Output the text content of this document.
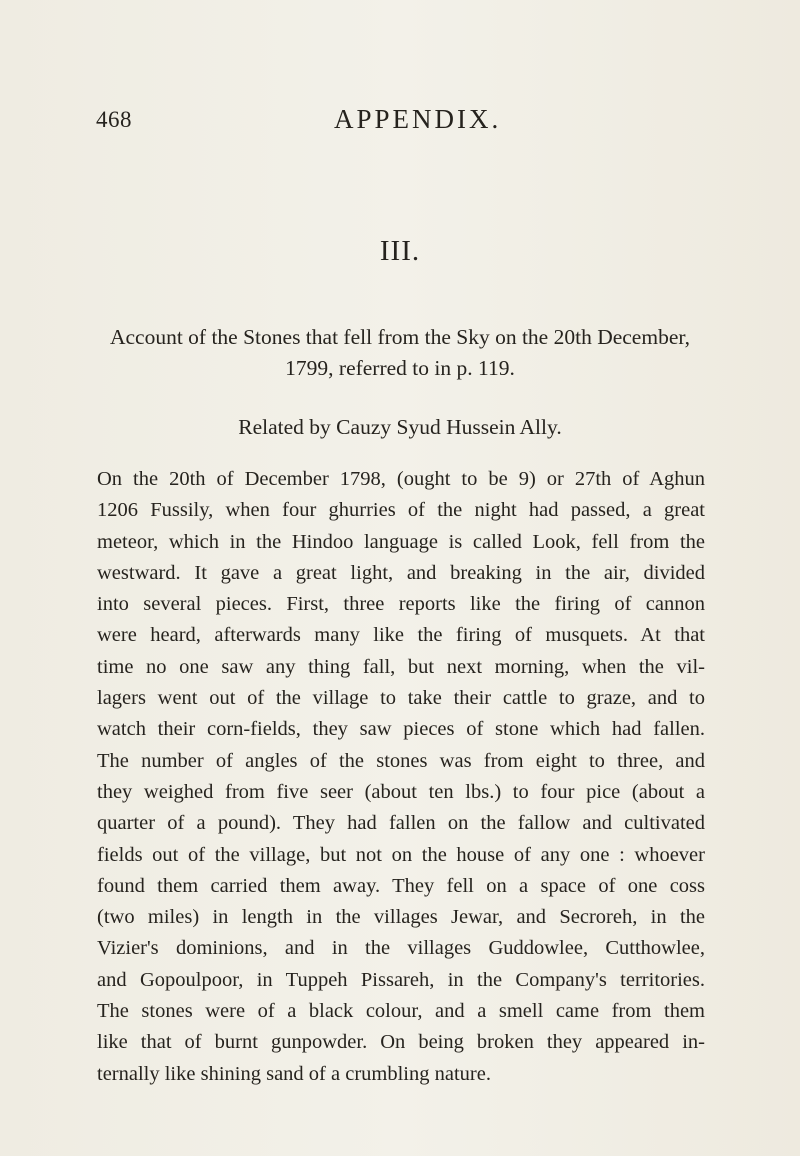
468	APPENDIX.
III.
Account of the Stones that fell from the Sky on the 20th December,
1799, referred to in p. 119.
Related by Cauzy Syud Hussein Ally.
On the 20th of December 1798, (ought to be 9) or 27th of Aghun
1206 Fussily, when four ghurries of the night had passed, a great
meteor, which in the Hindoo language is called Look, fell from the
westward. It gave a great light, and breaking in the air, divided
into several pieces. First, three reports like the firing of cannon
were heard, afterwards many like the firing of musquets. At that
time no one saw any thing fall, but next morning, when the vil-
lagers went out of the village to take their cattle to graze, and to
watch their corn-fields, they saw pieces of stone which had fallen.
The number of angles of the stones was from eight to three, and
they weighed from five seer (about ten lbs.) to four pice (about a
quarter of a pound). They had fallen on the fallow and cultivated
fields out of the village, but not on the house of any one : whoever
found them carried them away. They fell on a space of one coss
(two miles) in length in the villages Jewar, and Secroreh, in the
Vizier's dominions, and in the villages Guddowlee, Cutthowlee,
and Gopoulpoor, in Tuppeh Pissareh, in the Company's territories.
The stones were of a black colour, and a smell came from them
like that of burnt gunpowder. On being broken they appeared in-
ternally like shining sand of a crumbling nature.
